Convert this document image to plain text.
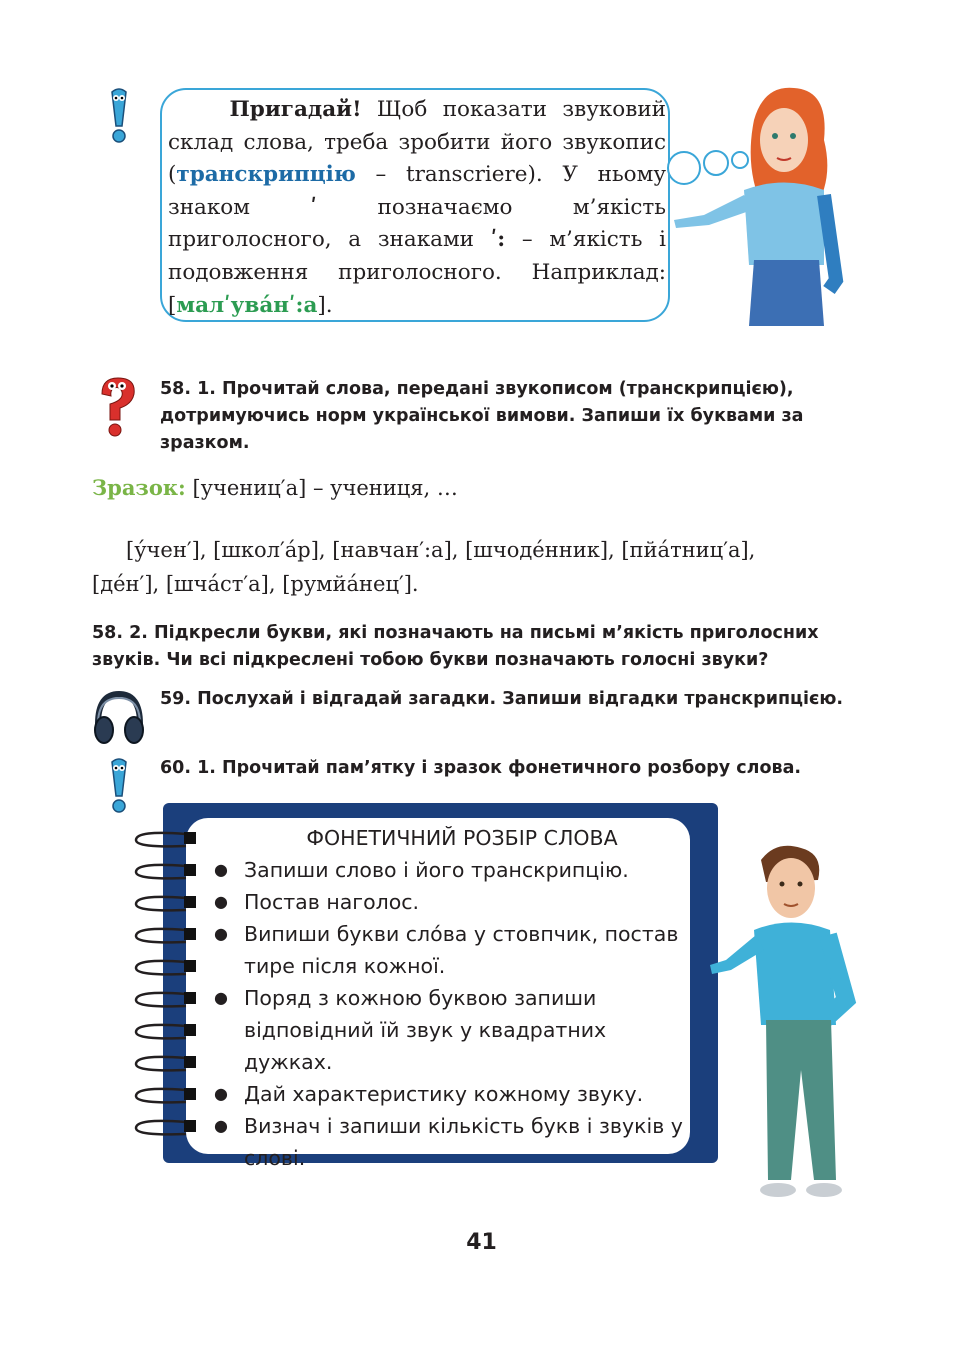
Пригадай! Щоб показати звуковий склад слова, треба зробити його звукопис (транскрипцію – transcriere). У ньому знаком ʹ позначаємо м’якість приголосного, а знаками ʹ: – м’якість і подовження приголосного. Наприклад: [малʹува́нʹ:а].
58. 1. Прочитай слова, передані звукописом (транскрипцією), дотримуючись норм української вимови. Запиши їх буквами за зразком.
Зразок: [учениц′а] – учениця, …
[у́чен′], [школ′а́р], [навчан′:а], [шчоде́нник], [пйа́тниц′а],
[де́н′], [шча́ст′а], [румйа́нец′].
58. 2. Підкресли букви, які позначають на письмі м’якість приголосних звуків. Чи всі підкреслені тобою букви позначають голосні звуки?
59. Послухай і відгадай загадки. Запиши відгадки транскрипцією.
60. 1. Прочитай пам’ятку і зразок фонетичного розбору слова.
ФОНЕТИЧНИЙ РОЗБІР СЛОВА
● Запиши слово і його транскрипцію.
● Постав наголос.
● Випиши букви сло́ва у стовпчик, постав тире після кожної.
● Поряд з кожною буквою запиши відповідний їй звук у квадратних дужках.
● Дай характеристику кожному звуку.
● Визнач і запиши кількість букв і звуків у слові.
41
